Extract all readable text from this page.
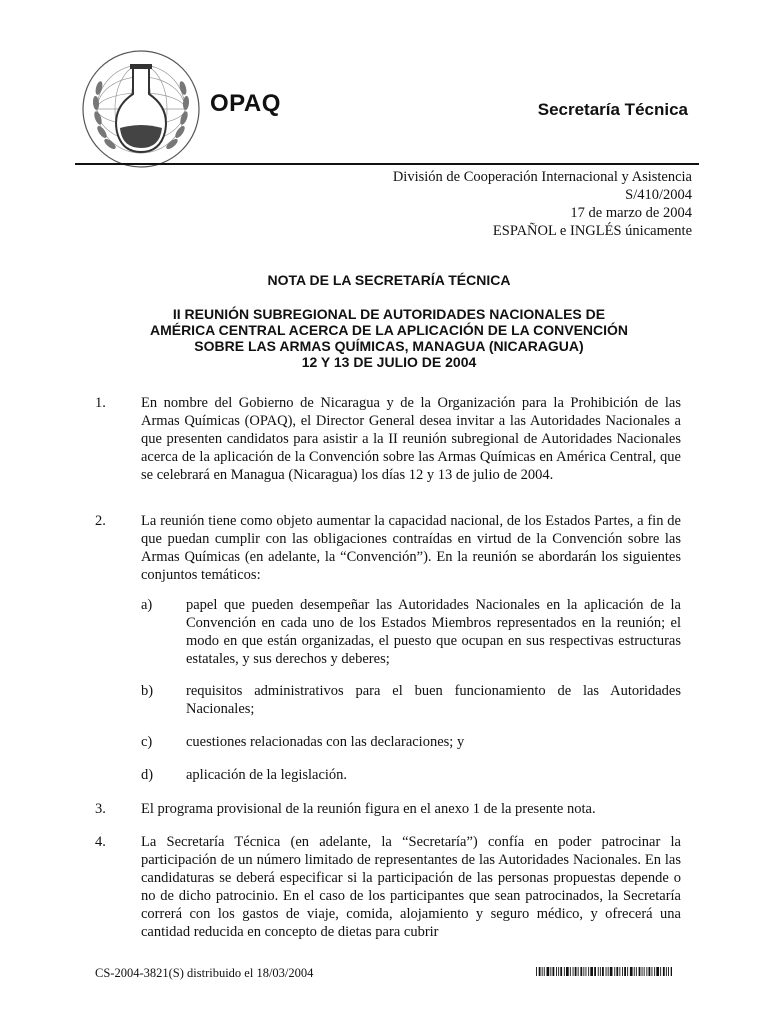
OPAQ	Secretaría Técnica
División de Cooperación Internacional y Asistencia
S/410/2004
17 de marzo de 2004
ESPAÑOL e INGLÉS únicamente
NOTA DE LA SECRETARÍA TÉCNICA
II REUNIÓN SUBREGIONAL DE AUTORIDADES NACIONALES DE
AMÉRICA CENTRAL ACERCA DE LA APLICACIÓN DE LA CONVENCIÓN
SOBRE LAS ARMAS QUÍMICAS, MANAGUA (NICARAGUA)
12 Y 13 DE JULIO DE 2004
1. En nombre del Gobierno de Nicaragua y de la Organización para la Prohibición de las Armas Químicas (OPAQ), el Director General desea invitar a las Autoridades Nacionales a que presenten candidatos para asistir a la II reunión subregional de Autoridades Nacionales acerca de la aplicación de la Convención sobre las Armas Químicas en América Central, que se celebrará en Managua (Nicaragua) los días 12 y 13 de julio de 2004.
2. La reunión tiene como objeto aumentar la capacidad nacional, de los Estados Partes, a fin de que puedan cumplir con las obligaciones contraídas en virtud de la Convención sobre las Armas Químicas (en adelante, la “Convención”). En la reunión se abordarán los siguientes conjuntos temáticos:
a) papel que pueden desempeñar las Autoridades Nacionales en la aplicación de la Convención en cada uno de los Estados Miembros representados en la reunión; el modo en que están organizadas, el puesto que ocupan en sus respectivas estructuras estatales, y sus derechos y deberes;
b) requisitos administrativos para el buen funcionamiento de las Autoridades Nacionales;
c) cuestiones relacionadas con las declaraciones; y
d) aplicación de la legislación.
3. El programa provisional de la reunión figura en el anexo 1 de la presente nota.
4. La Secretaría Técnica (en adelante, la “Secretaría”) confía en poder patrocinar la participación de un número limitado de representantes de las Autoridades Nacionales. En las candidaturas se deberá especificar si la participación de las personas propuestas depende o no de dicho patrocinio. En el caso de los participantes que sean patrocinados, la Secretaría correrá con los gastos de viaje, comida, alojamiento y seguro médico, y ofrecerá una cantidad reducida en concepto de dietas para cubrir
CS-2004-3821(S) distribuido el 18/03/2004
